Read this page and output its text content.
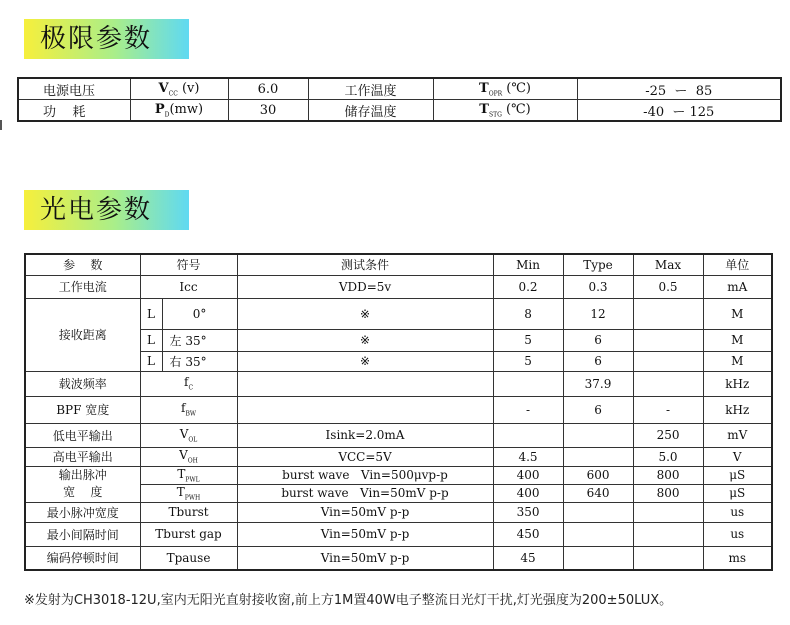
极限参数
电源电压	$V_{CC}$ (v)	6.0	工作温度	$T_{OPR}$ (℃)	-25  ー  85
功    耗	$P_D(mw)$	30	储存温度	$T_{STG}$ (℃)	-40  ー 125
光电参数
参    数	符号		测试条件	Min	Type	Max	单位
工作电流	Icc		VDD=5v	0.2	0.3	0.5	mA
接收距离	L	0°	※	8	12		M
	L	左 35°	※	5	6		M
	L	右 35°	※	5	6		M
载波频率	$f_C$				37.9		kHz
BPF 宽度	$f_{BW}$			-	6	-	kHz
低电平输出	$V_{OL}$		Isink=2.0mA			250	mV
高电平输出	$V_{OH}$		VCC=5V	4.5		5.0	V
输出脉冲
宽    度	$T_{PWL}$		burst wave   Vin=500μvp-p	400	600	800	μS
	$T_{PWH}$		burst wave   Vin=50mV p-p	400	640	800	μS
最小脉冲宽度	Tburst		Vin=50mV p-p	350			us
最小间隔时间	Tburst gap		Vin=50mV p-p	450			us
编码停顿时间	Tpause		Vin=50mV p-p	45			ms
※发射为CH3018-12U,室内无阳光直射接收窗,前上方1M置40W电子整流日光灯干扰,灯光强度为200±50LUX。
